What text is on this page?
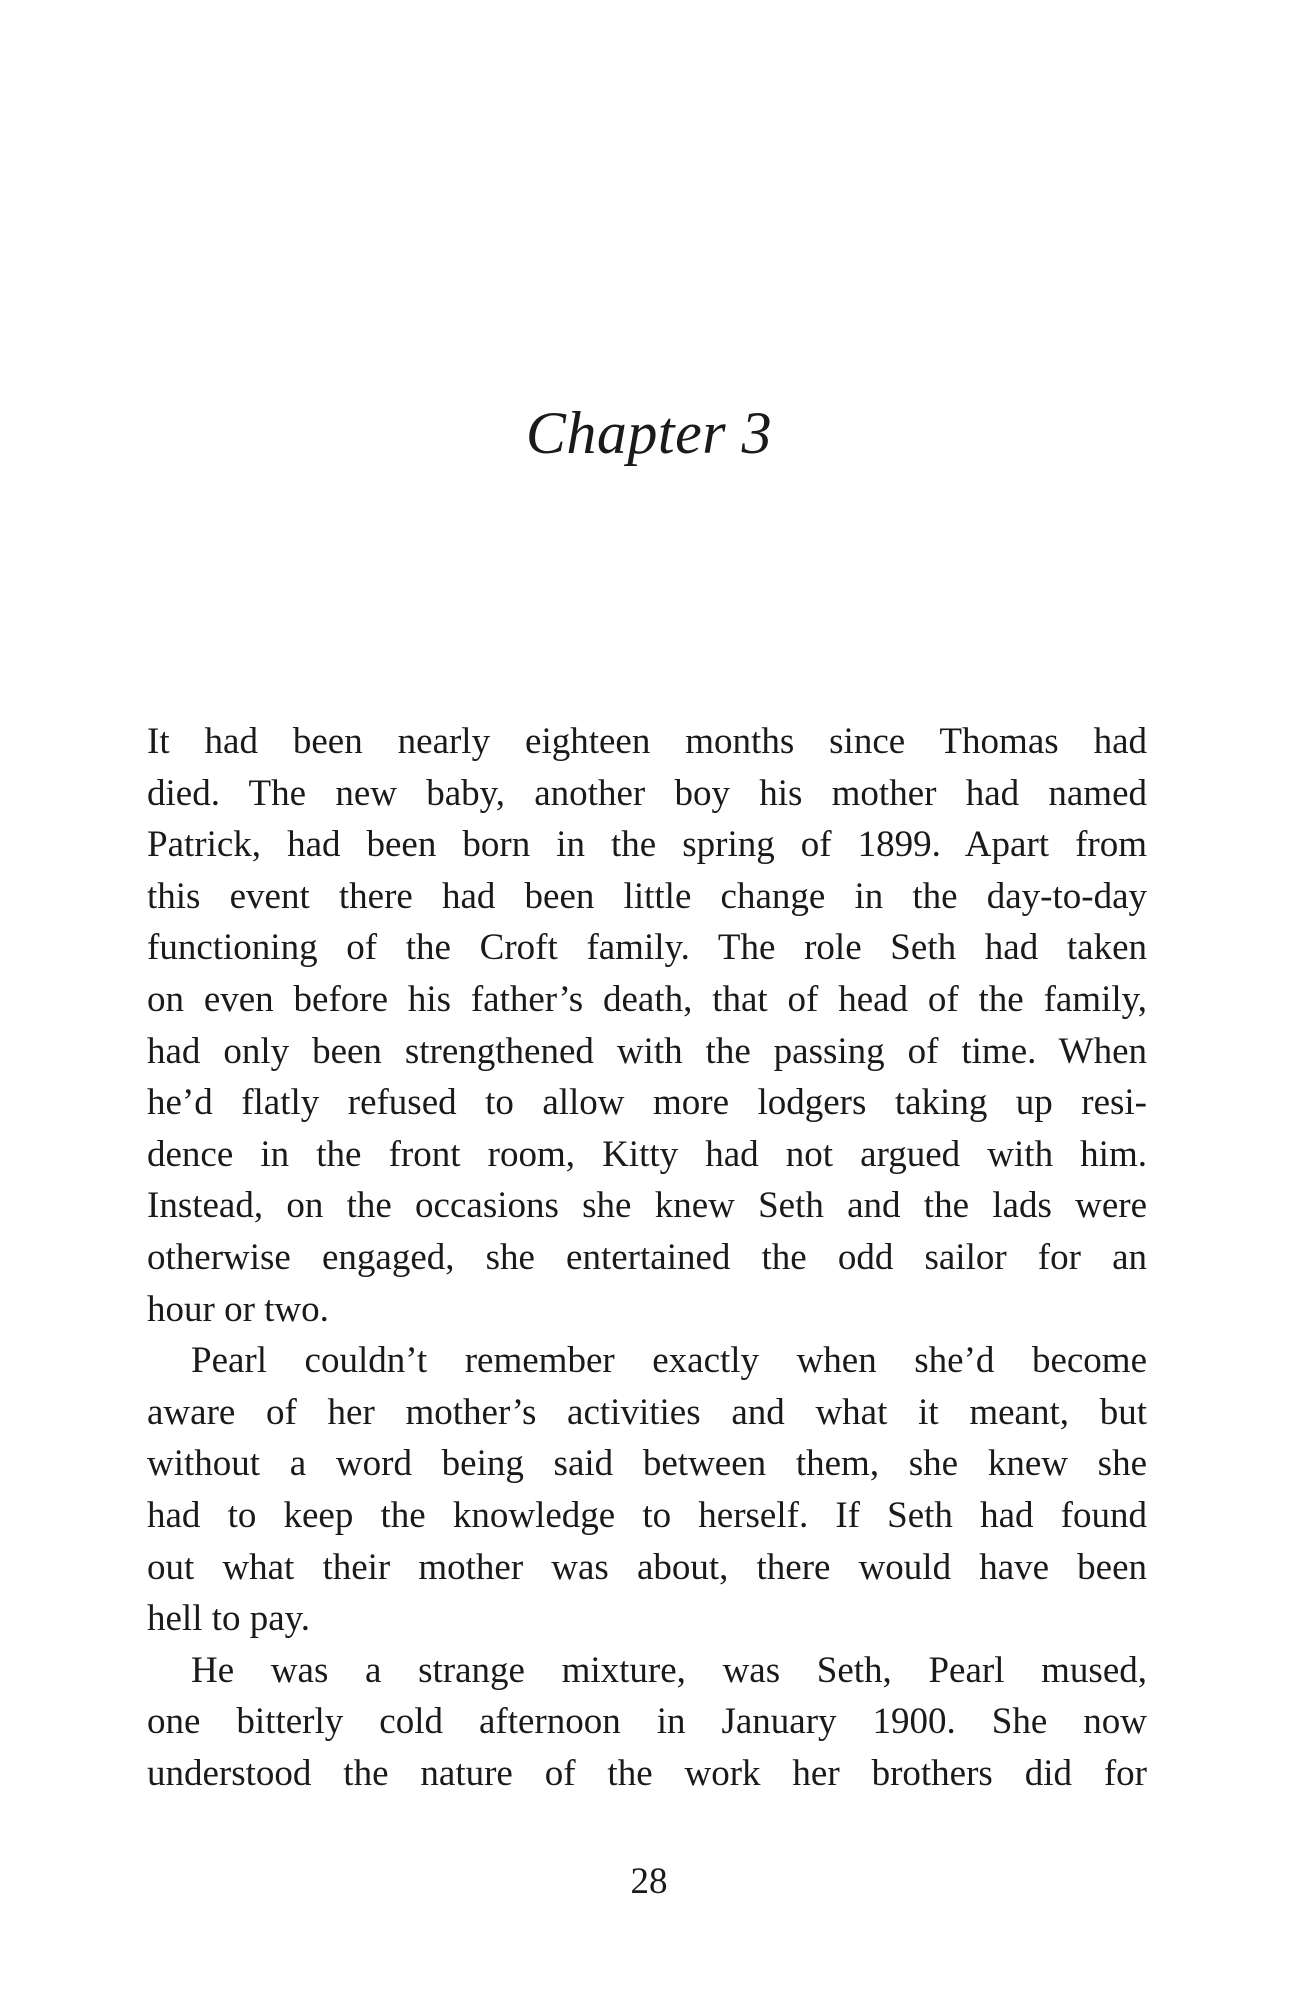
Chapter 3
It had been nearly eighteen months since Thomas had
died. The new baby, another boy his mother had named
Patrick, had been born in the spring of 1899. Apart from
this event there had been little change in the day-to-day
functioning of the Croft family. The role Seth had taken
on even before his father’s death, that of head of the family,
had only been strengthened with the passing of time. When
he’d flatly refused to allow more lodgers taking up resi-
dence in the front room, Kitty had not argued with him.
Instead, on the occasions she knew Seth and the lads were
otherwise engaged, she entertained the odd sailor for an
hour or two.
Pearl couldn’t remember exactly when she’d become
aware of her mother’s activities and what it meant, but
without a word being said between them, she knew she
had to keep the knowledge to herself. If Seth had found
out what their mother was about, there would have been
hell to pay.
He was a strange mixture, was Seth, Pearl mused,
one bitterly cold afternoon in January 1900. She now
understood the nature of the work her brothers did for
28
